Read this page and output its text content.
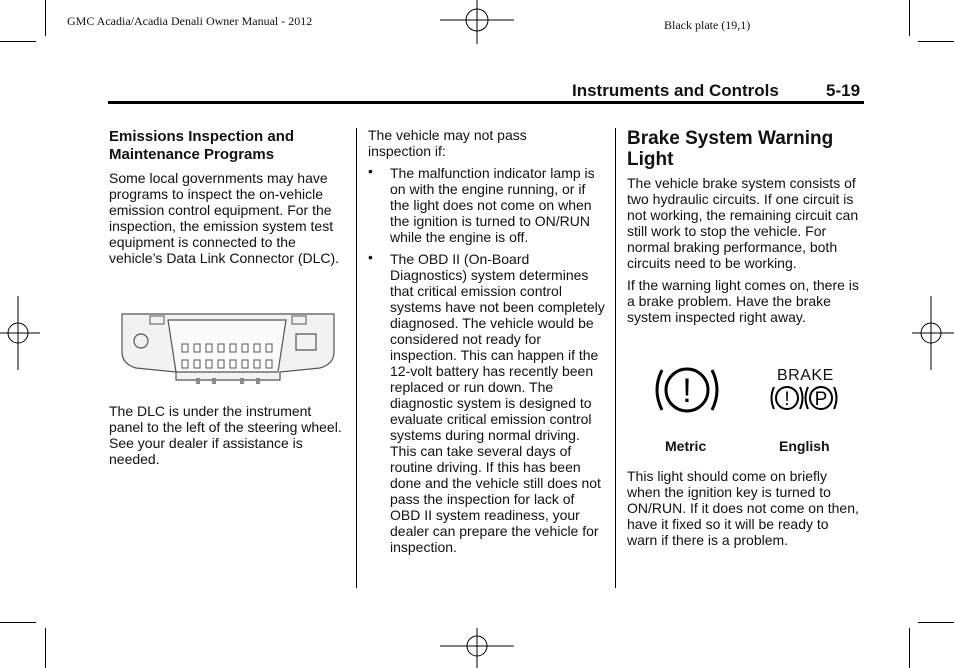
GMC Acadia/Acadia Denali Owner Manual - 2012	Black plate (19,1)
Instruments and Controls	5-19
Emissions Inspection and Maintenance Programs

Some local governments may have programs to inspect the on-vehicle emission control equipment. For the inspection, the emission system test equipment is connected to the vehicle’s Data Link Connector (DLC).

The DLC is under the instrument panel to the left of the steering wheel. See your dealer if assistance is needed.

The vehicle may not pass inspection if:

• The malfunction indicator lamp is on with the engine running, or if the light does not come on when the ignition is turned to ON/RUN while the engine is off.
• The OBD II (On-Board Diagnostics) system determines that critical emission control systems have not been completely diagnosed. The vehicle would be considered not ready for inspection. This can happen if the 12-volt battery has recently been replaced or run down. The diagnostic system is designed to evaluate critical emission control systems during normal driving. This can take several days of routine driving. If this has been done and the vehicle still does not pass the inspection for lack of OBD II system readiness, your dealer can prepare the vehicle for inspection.
Brake System Warning Light

The vehicle brake system consists of two hydraulic circuits. If one circuit is not working, the remaining circuit can still work to stop the vehicle. For normal braking performance, both circuits need to be working.

If the warning light comes on, there is a brake problem. Have the brake system inspected right away.

!	BRAKE
! P
Metric	English

This light should come on briefly when the ignition key is turned to ON/RUN. If it does not come on then, have it fixed so it will be ready to warn if there is a problem.
